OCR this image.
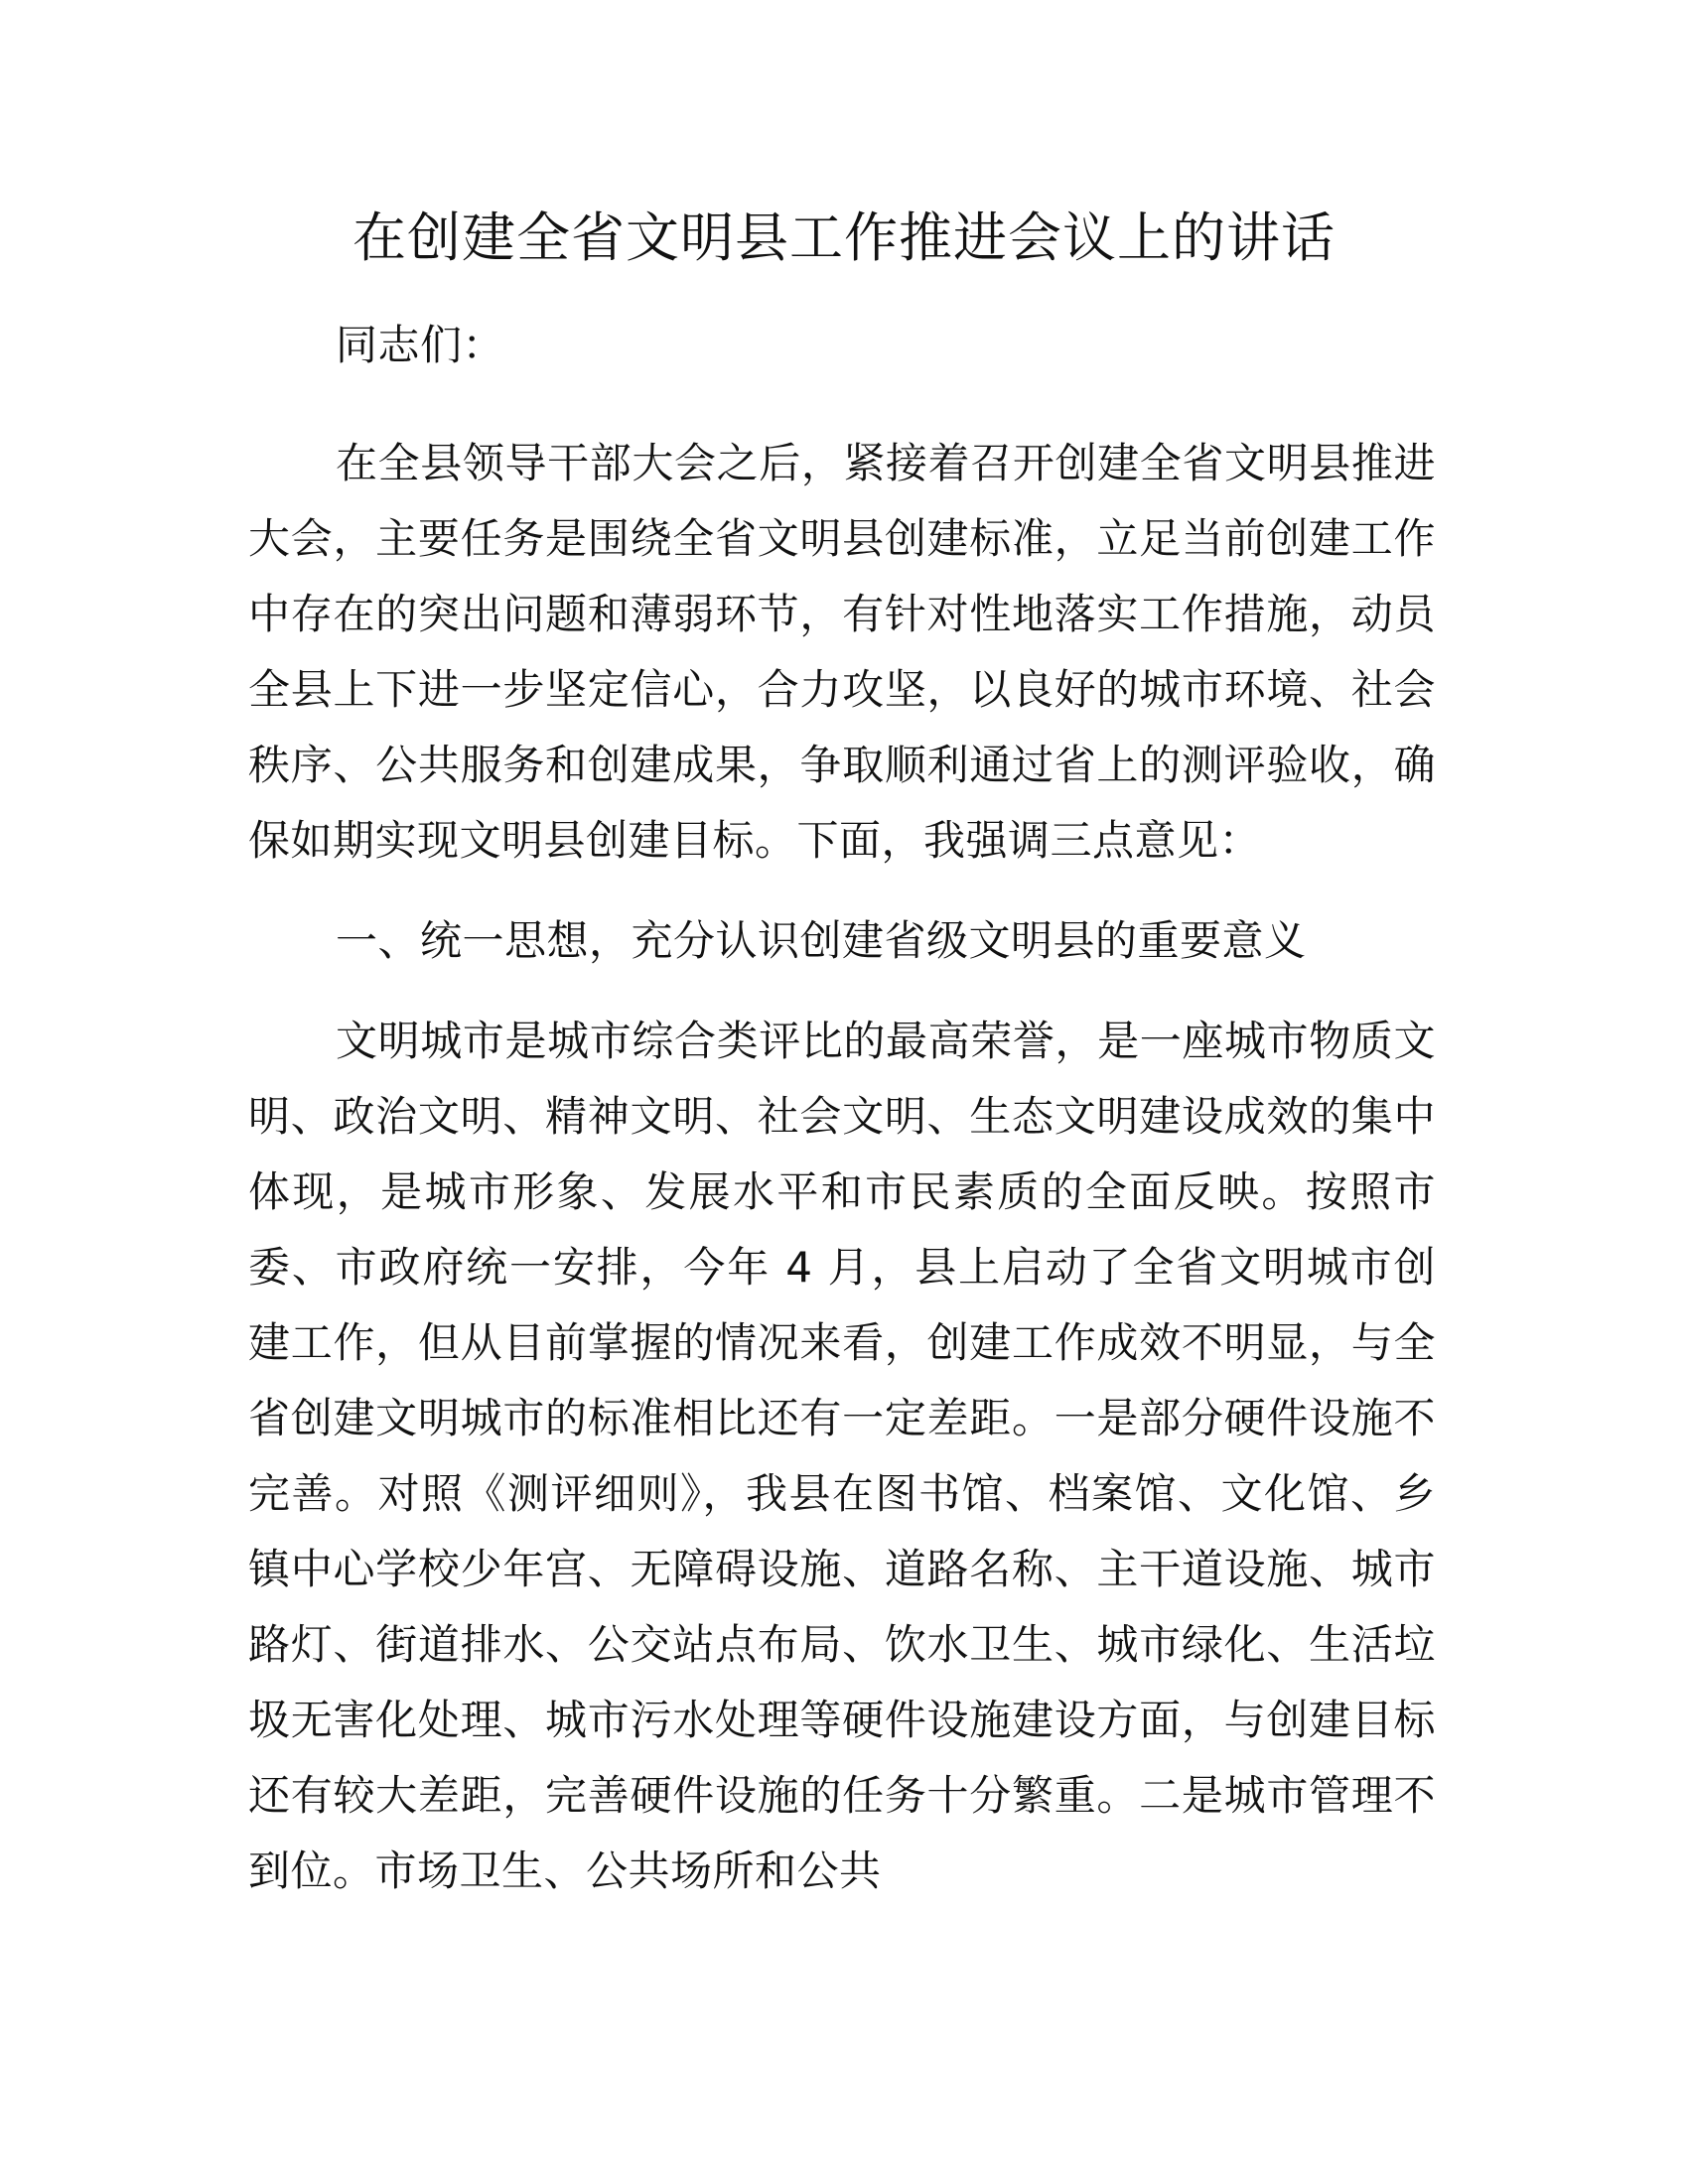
在创建全省文明县工作推进会议上的讲话

同志们：

在全县领导干部大会之后，紧接着召开创建全省文明县推进大会，主要任务是围绕全省文明县创建标准，立足当前创建工作中存在的突出问题和薄弱环节，有针对性地落实工作措施，动员全县上下进一步坚定信心，合力攻坚，以良好的城市环境、社会秩序、公共服务和创建成果，争取顺利通过省上的测评验收，确保如期实现文明县创建目标。下面，我强调三点意见：

一、统一思想，充分认识创建省级文明县的重要意义

文明城市是城市综合类评比的最高荣誉，是一座城市物质文明、政治文明、精神文明、社会文明、生态文明建设成效的集中体现，是城市形象、发展水平和市民素质的全面反映。按照市委、市政府统一安排，今年 4 月，县上启动了全省文明城市创建工作，但从目前掌握的情况来看，创建工作成效不明显，与全省创建文明城市的标准相比还有一定差距。一是部分硬件设施不完善。对照《测评细则》，我县在图书馆、档案馆、文化馆、乡镇中心学校少年宫、无障碍设施、道路名称、主干道设施、城市路灯、街道排水、公交站点布局、饮水卫生、城市绿化、生活垃圾无害化处理、城市污水处理等硬件设施建设方面，与创建目标还有较大差距，完善硬件设施的任务十分繁重。二是城市管理不到位。市场卫生、公共场所和公共
